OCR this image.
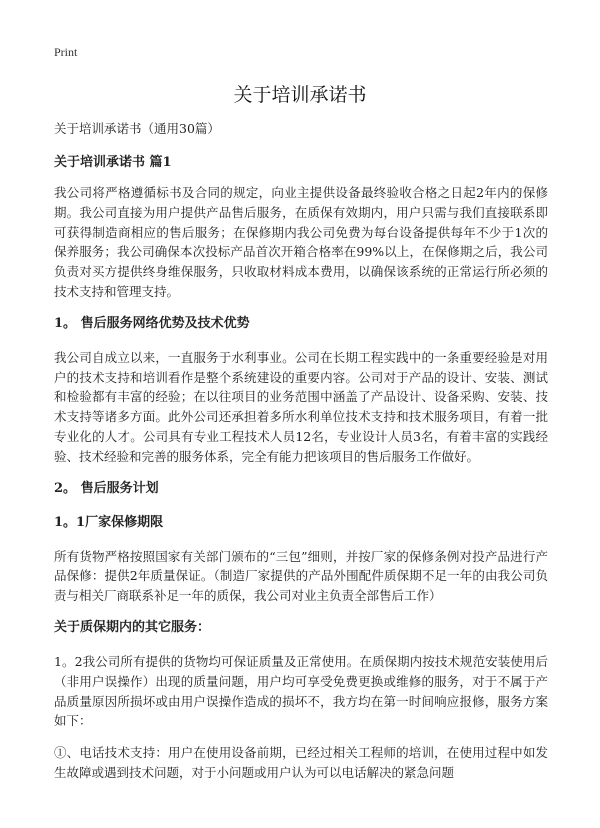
Print
关于培训承诺书

关于培训承诺书（通用30篇）

关于培训承诺书 篇1

我公司将严格遵循标书及合同的规定，向业主提供设备最终验收合格之日起2年内的保修期。我公司直接为用户提供产品售后服务，在质保有效期内，用户只需与我们直接联系即可获得制造商相应的售后服务；在保修期内我公司免费为每台设备提供每年不少于1次的保养服务；我公司确保本次投标产品首次开箱合格率在99%以上，在保修期之后，我公司负责对买方提供终身维保服务，只收取材料成本费用，以确保该系统的正常运行所必须的技术支持和管理支持。

1。 售后服务网络优势及技术优势

我公司自成立以来，一直服务于水利事业。公司在长期工程实践中的一条重要经验是对用户的技术支持和培训看作是整个系统建设的重要内容。公司对于产品的设计、安装、测试和检验都有丰富的经验；在以往项目的业务范围中涵盖了产品设计、设备采购、安装、技术支持等诸多方面。此外公司还承担着多所水利单位技术支持和技术服务项目，有着一批专业化的人才。公司具有专业工程技术人员12名，专业设计人员3名，有着丰富的实践经验、技术经验和完善的服务体系，完全有能力把该项目的售后服务工作做好。

2。 售后服务计划

1。1厂家保修期限

所有货物严格按照国家有关部门颁布的“三包”细则，并按厂家的保修条例对投产品进行产品保修：提供2年质量保证。（制造厂家提供的产品外围配件质保期不足一年的由我公司负责与相关厂商联系补足一年的质保，我公司对业主负责全部售后工作）

关于质保期内的其它服务：

1。2我公司所有提供的货物均可保证质量及正常使用。在质保期内按技术规范安装使用后（非用户误操作）出现的质量问题，用户均可享受免费更换或维修的服务，对于不属于产品质量原因所损坏或由用户误操作造成的损坏不，我方均在第一时间响应报修，服务方案如下：

①、电话技术支持：用户在使用设备前期，已经过相关工程师的培训，在使用过程中如发生故障或遇到技术问题，对于小问题或用户认为可以电话解决的紧急问题
